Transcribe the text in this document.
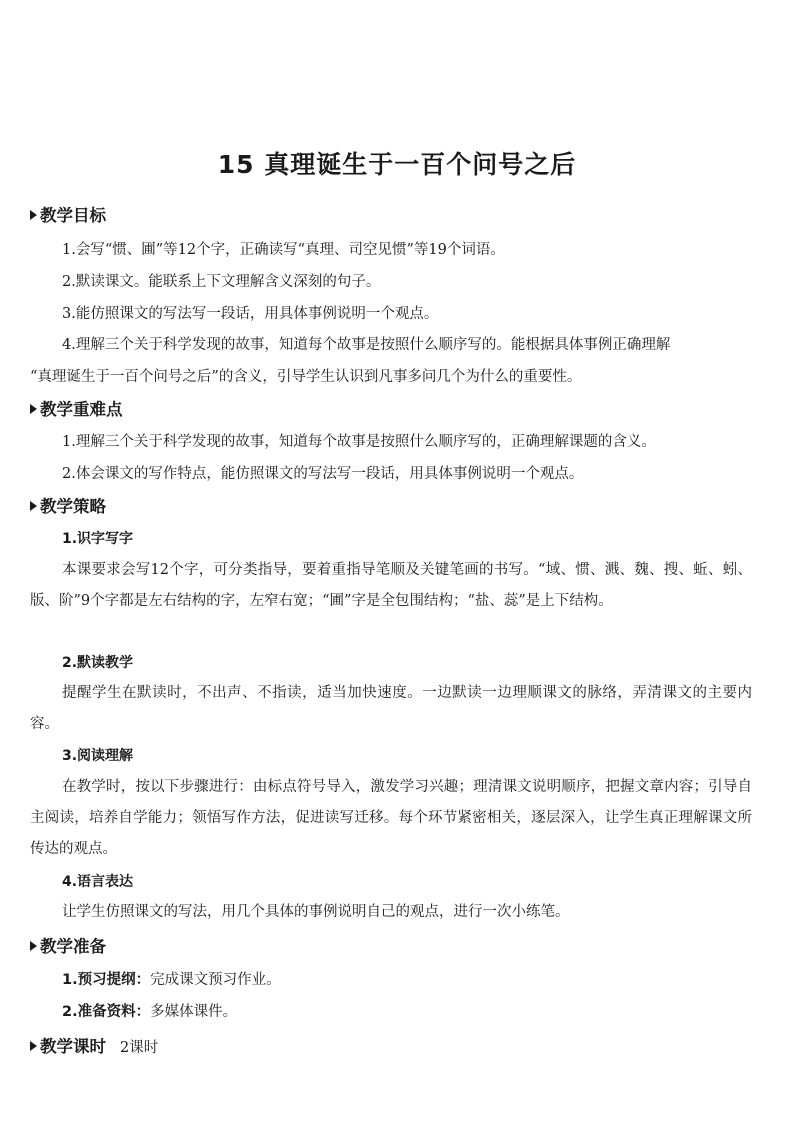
15 真理诞生于一百个问号之后
教学目标
1.会写“惯、圃”等12个字，正确读写“真理、司空见惯”等19个词语。
2.默读课文。能联系上下文理解含义深刻的句子。
3.能仿照课文的写法写一段话，用具体事例说明一个观点。
4.理解三个关于科学发现的故事，知道每个故事是按照什么顺序写的。能根据具体事例正确理解
“真理诞生于一百个问号之后”的含义，引导学生认识到凡事多问几个为什么的重要性。
教学重难点
1.理解三个关于科学发现的故事，知道每个故事是按照什么顺序写的，正确理解课题的含义。
2.体会课文的写作特点，能仿照课文的写法写一段话，用具体事例说明一个观点。
教学策略
1.识字写字
本课要求会写12个字，可分类指导，要着重指导笔顺及关键笔画的书写。“域、惯、溅、魏、搜、蚯、蚓、版、阶”9个字都是左右结构的字，左窄右宽；“圃”字是全包围结构；“盐、蕊”是上下结构。
2.默读教学
提醒学生在默读时，不出声、不指读，适当加快速度。一边默读一边理顺课文的脉络，弄清课文的主要内容。
3.阅读理解
在教学时，按以下步骤进行：由标点符号导入，激发学习兴趣；理清课文说明顺序，把握文章内容；引导自主阅读，培养自学能力；领悟写作方法，促进读写迁移。每个环节紧密相关，逐层深入，让学生真正理解课文所传达的观点。
4.语言表达
让学生仿照课文的写法，用几个具体的事例说明自己的观点，进行一次小练笔。
教学准备
1.预习提纲：完成课文预习作业。
2.准备资料：多媒体课件。
教学课时 2课时
